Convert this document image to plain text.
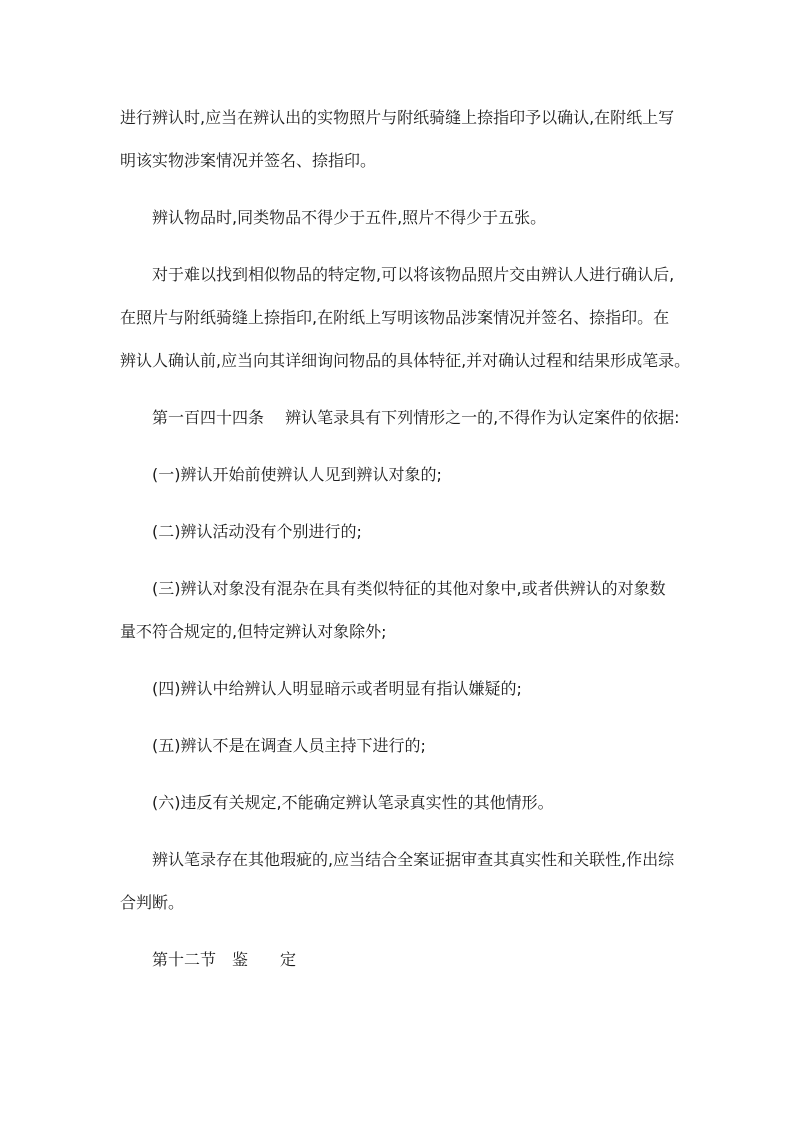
进行辨认时,应当在辨认出的实物照片与附纸骑缝上捺指印予以确认,在附纸上写
明该实物涉案情况并签名、捺指印。
辨认物品时,同类物品不得少于五件,照片不得少于五张。
对于难以找到相似物品的特定物,可以将该物品照片交由辨认人进行确认后,
在照片与附纸骑缝上捺指印,在附纸上写明该物品涉案情况并签名、捺指印。在
辨认人确认前,应当向其详细询问物品的具体特征,并对确认过程和结果形成笔录。
第一百四十四条　 辨认笔录具有下列情形之一的,不得作为认定案件的依据:
(一)辨认开始前使辨认人见到辨认对象的;
(二)辨认活动没有个别进行的;
(三)辨认对象没有混杂在具有类似特征的其他对象中,或者供辨认的对象数
量不符合规定的,但特定辨认对象除外;
(四)辨认中给辨认人明显暗示或者明显有指认嫌疑的;
(五)辨认不是在调查人员主持下进行的;
(六)违反有关规定,不能确定辨认笔录真实性的其他情形。
辨认笔录存在其他瑕疵的,应当结合全案证据审查其真实性和关联性,作出综
合判断。
第十二节　鉴　　定
